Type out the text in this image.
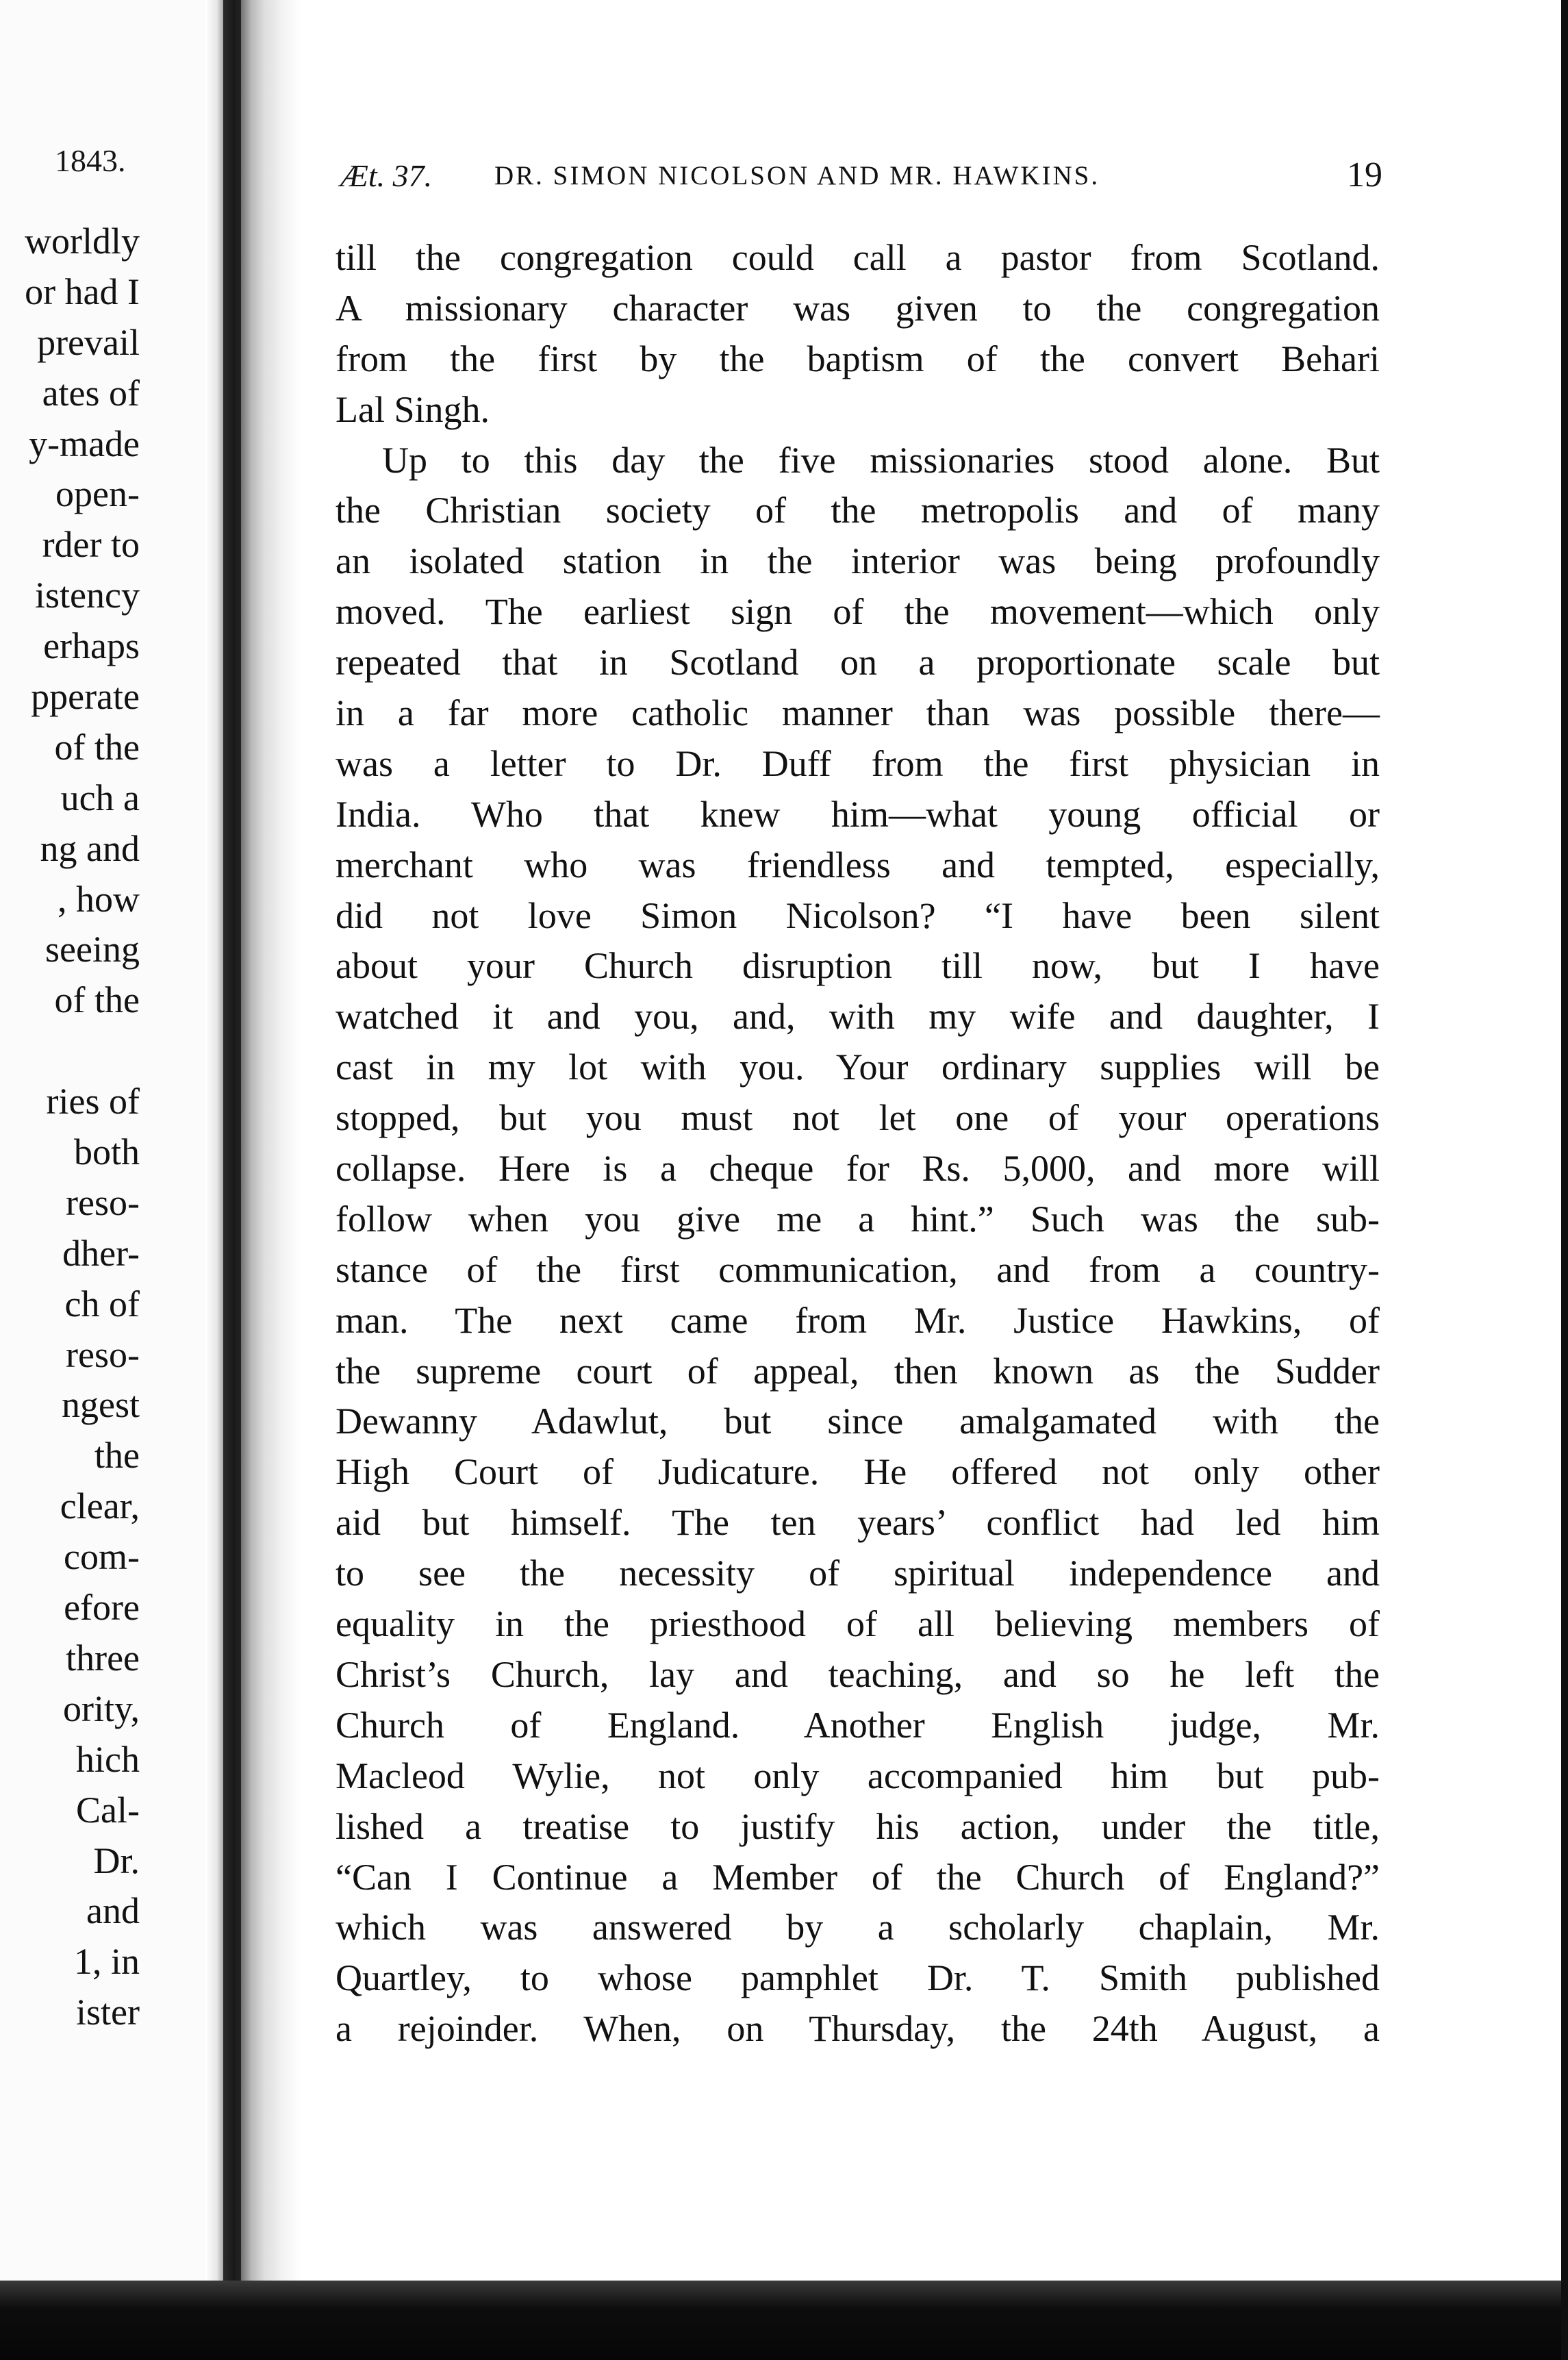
1843.
worldly
or had I
prevail
ates of
y-made
open-
rder to
istency
erhaps
pperate
of the
uch a
ng and
, how
seeing
of the
ries of
both
reso-
dher-
ch of
reso-
ngest
the
clear,
com-
efore
three
ority,
hich
Cal-
Dr.
and
1, in
ister
Æt. 37. DR. SIMON NICOLSON AND MR. HAWKINS.	19
till the congregation could call a pastor from Scotland.
A missionary character was given to the congregation
from the first by the baptism of the convert Behari
Lal Singh.
Up to this day the five missionaries stood alone. But
the Christian society of the metropolis and of many
an isolated station in the interior was being profoundly
moved. The earliest sign of the movement—which only
repeated that in Scotland on a proportionate scale but
in a far more catholic manner than was possible there—
was a letter to Dr. Duff from the first physician in
India. Who that knew him—what young official or
merchant who was friendless and tempted, especially,
did not love Simon Nicolson? “I have been silent
about your Church disruption till now, but I have
watched it and you, and, with my wife and daughter, I
cast in my lot with you. Your ordinary supplies will be
stopped, but you must not let one of your operations
collapse. Here is a cheque for Rs. 5,000, and more will
follow when you give me a hint.” Such was the sub-
stance of the first communication, and from a country-
man. The next came from Mr. Justice Hawkins, of
the supreme court of appeal, then known as the Sudder
Dewanny Adawlut, but since amalgamated with the
High Court of Judicature. He offered not only other
aid but himself. The ten years’ conflict had led him
to see the necessity of spiritual independence and
equality in the priesthood of all believing members of
Christ’s Church, lay and teaching, and so he left the
Church of England. Another English judge, Mr.
Macleod Wylie, not only accompanied him but pub-
lished a treatise to justify his action, under the title,
“Can I Continue a Member of the Church of England?”
which was answered by a scholarly chaplain, Mr.
Quartley, to whose pamphlet Dr. T. Smith published
a rejoinder. When, on Thursday, the 24th August, a
